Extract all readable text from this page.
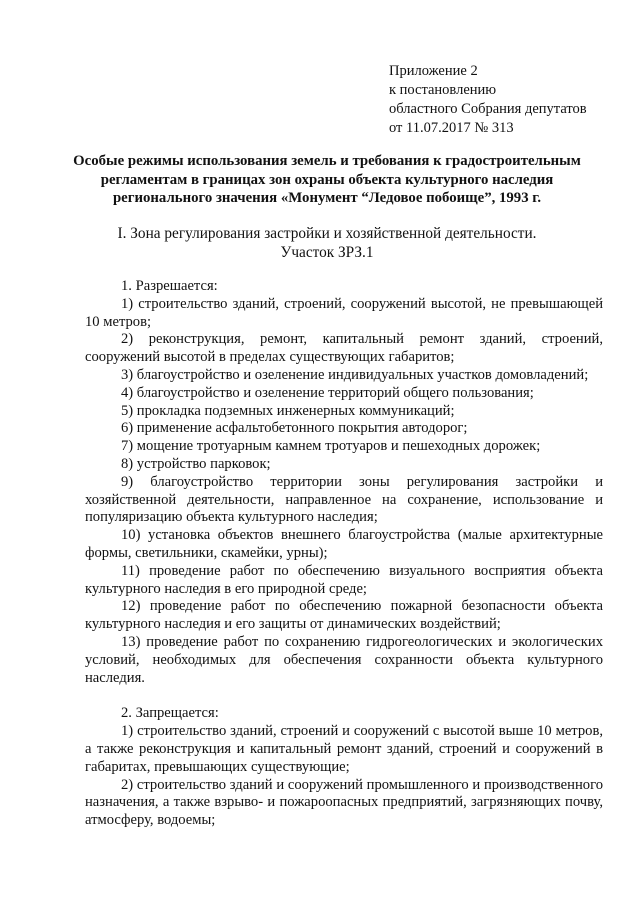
Приложение 2
к постановлению
областного Собрания депутатов
от 11.07.2017 № 313
Особые режимы использования земель и требования к градостроительным регламентам в границах зон охраны объекта культурного наследия регионального значения «Монумент “Ледовое побоище”, 1993 г.
I. Зона регулирования застройки и хозяйственной деятельности.
Участок ЗРЗ.1

1. Разрешается:

1) строительство зданий, строений, сооружений высотой, не превышающей 10 метров;

2) реконструкция, ремонт, капитальный ремонт зданий, строений, сооружений высотой в пределах существующих габаритов;

3) благоустройство и озеленение индивидуальных участков домовладений;

4) благоустройство и озеленение территорий общего пользования;

5) прокладка подземных инженерных коммуникаций;

6) применение асфальтобетонного покрытия автодорог;

7) мощение тротуарным камнем тротуаров и пешеходных дорожек;

8) устройство парковок;

9) благоустройство территории зоны регулирования застройки и хозяйственной деятельности, направленное на сохранение, использование и популяризацию объекта культурного наследия;

10) установка объектов внешнего благоустройства (малые архитектурные формы, светильники, скамейки, урны);

11) проведение работ по обеспечению визуального восприятия объекта культурного наследия в его природной среде;

12) проведение работ по обеспечению пожарной безопасности объекта культурного наследия и его защиты от динамических воздействий;

13) проведение работ по сохранению гидрогеологических и экологических условий, необходимых для обеспечения сохранности объекта культурного наследия.

2. Запрещается:

1) строительство зданий, строений и сооружений с высотой выше 10 метров, а также реконструкция и капитальный ремонт зданий, строений и сооружений в габаритах, превышающих существующие;

2) строительство зданий и сооружений промышленного и производственного назначения, а также взрыво- и пожароопасных предприятий, загрязняющих почву, атмосферу, водоемы;
